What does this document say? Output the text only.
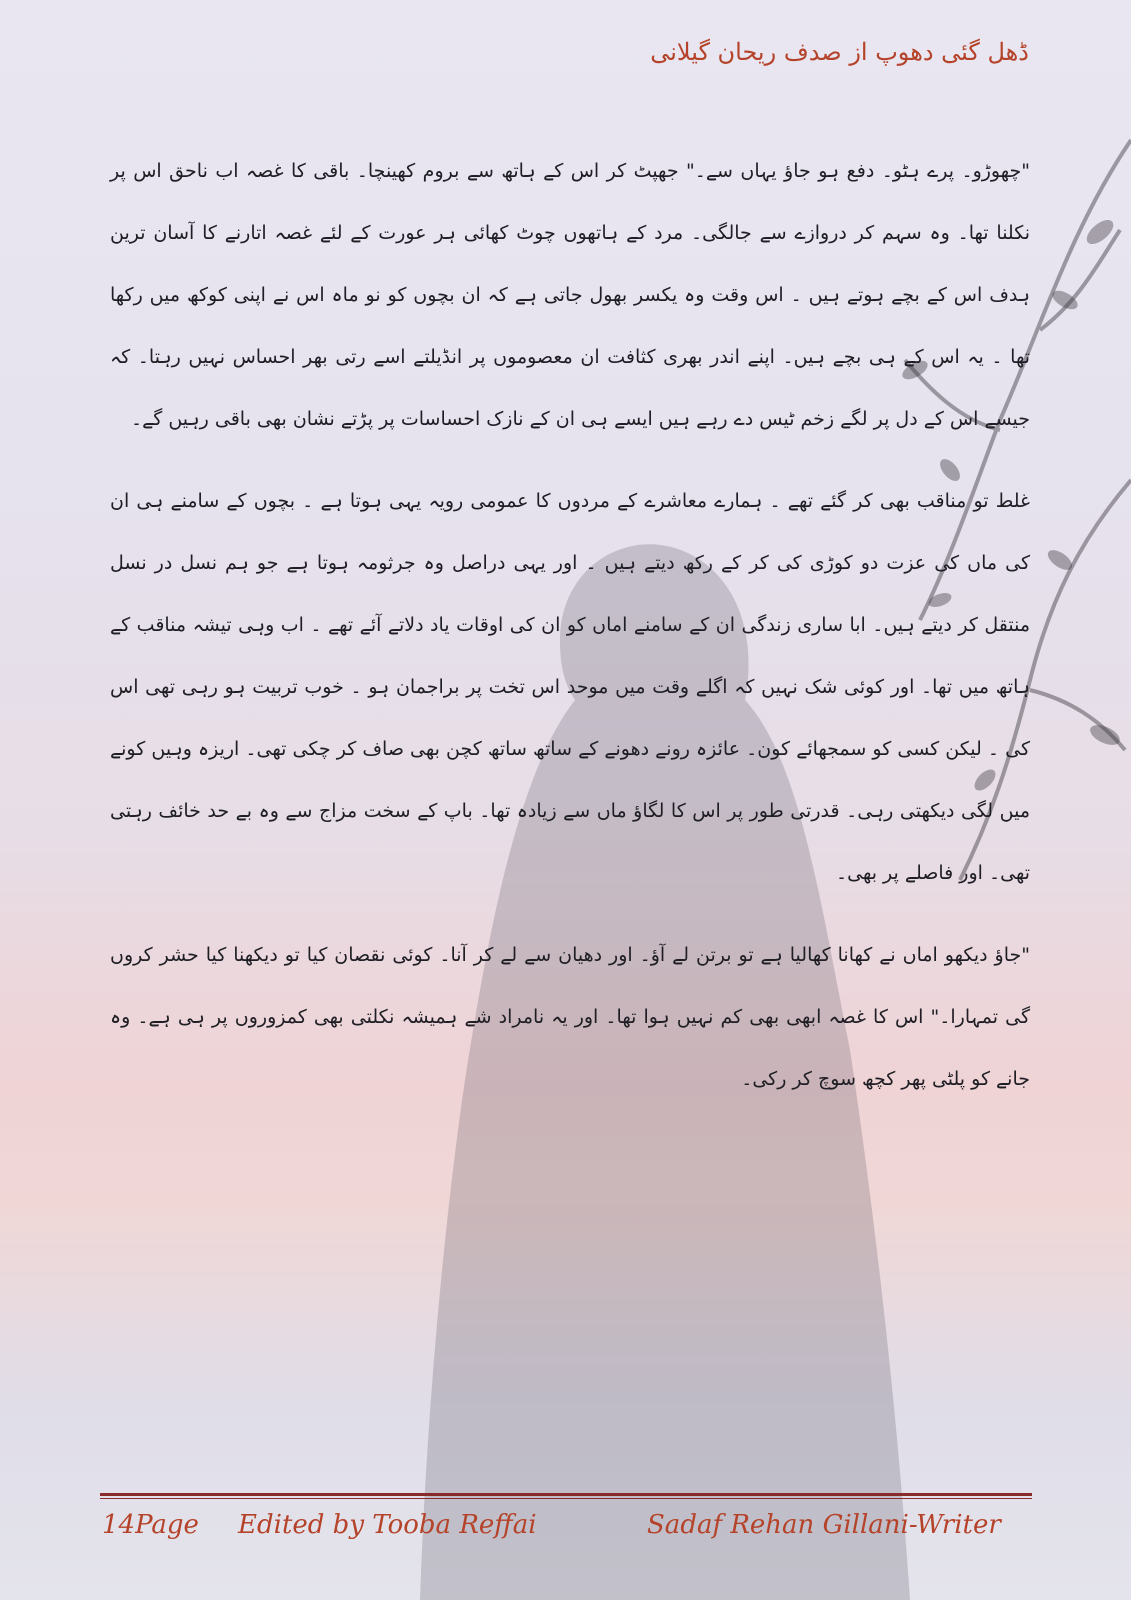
ڈھل گئی دھوپ از صدف ریحان گیلانی

"چھوڑو۔ پرے ہٹو۔ دفع ہو جاؤ یہاں سے۔" جھپٹ کر اس کے ہاتھ سے بروم کھینچا۔ باقی کا غصہ اب ناحق اس پر نکلنا تھا۔ وہ سہم کر دروازے سے جالگی۔ مرد کے ہاتھوں چوٹ کھائی ہر عورت کے لئے غصہ اتارنے کا آسان ترین ہدف اس کے بچے ہوتے ہیں ۔ اس وقت وہ یکسر بھول جاتی ہے کہ ان بچوں کو نو ماہ اس نے اپنی کوکھ میں رکھا تھا ۔ یہ اس کے ہی بچے ہیں۔ اپنے اندر بھری کثافت ان معصوموں پر انڈیلتے اسے رتی بھر احساس نہیں رہتا۔ کہ جیسے اس کے دل پر لگے زخم ٹیس دے رہے ہیں ایسے ہی ان کے نازک احساسات پر پڑتے نشان بھی باقی رہیں گے۔

غلط تو مناقب بھی کر گئے تھے ۔ ہمارے معاشرے کے مردوں کا عمومی رویہ یہی ہوتا ہے ۔ بچوں کے سامنے ہی ان کی ماں کی عزت دو کوڑی کی کر کے رکھ دیتے ہیں ۔ اور یہی دراصل وہ جرثومہ ہوتا ہے جو ہم نسل در نسل منتقل کر دیتے ہیں۔ ابا ساری زندگی ان کے سامنے اماں کو ان کی اوقات یاد دلاتے آئے تھے ۔ اب وہی تیشہ مناقب کے ہاتھ میں تھا۔ اور کوئی شک نہیں کہ اگلے وقت میں موحد اس تخت پر براجمان ہو ۔ خوب تربیت ہو رہی تھی اس کی ۔ لیکن کسی کو سمجھائے کون۔ عائزہ رونے دھونے کے ساتھ ساتھ کچن بھی صاف کر چکی تھی۔ اریزہ وہیں کونے میں لگی دیکھتی رہی۔ قدرتی طور پر اس کا لگاؤ ماں سے زیادہ تھا۔ باپ کے سخت مزاج سے وہ بے حد خائف رہتی تھی۔ اور فاصلے پر بھی۔

"جاؤ دیکھو اماں نے کھانا کھالیا ہے تو برتن لے آؤ۔ اور دھیان سے لے کر آنا۔ کوئی نقصان کیا تو دیکھنا کیا حشر کروں گی تمہارا۔" اس کا غصہ ابھی بھی کم نہیں ہوا تھا۔ اور یہ نامراد شے ہمیشہ نکلتی بھی کمزوروں پر ہی ہے۔ وہ جانے کو پلٹی پھر کچھ سوچ کر رکی۔

14Page Edited by Tooba Reffai	Sadaf Rehan Gillani-Writer
